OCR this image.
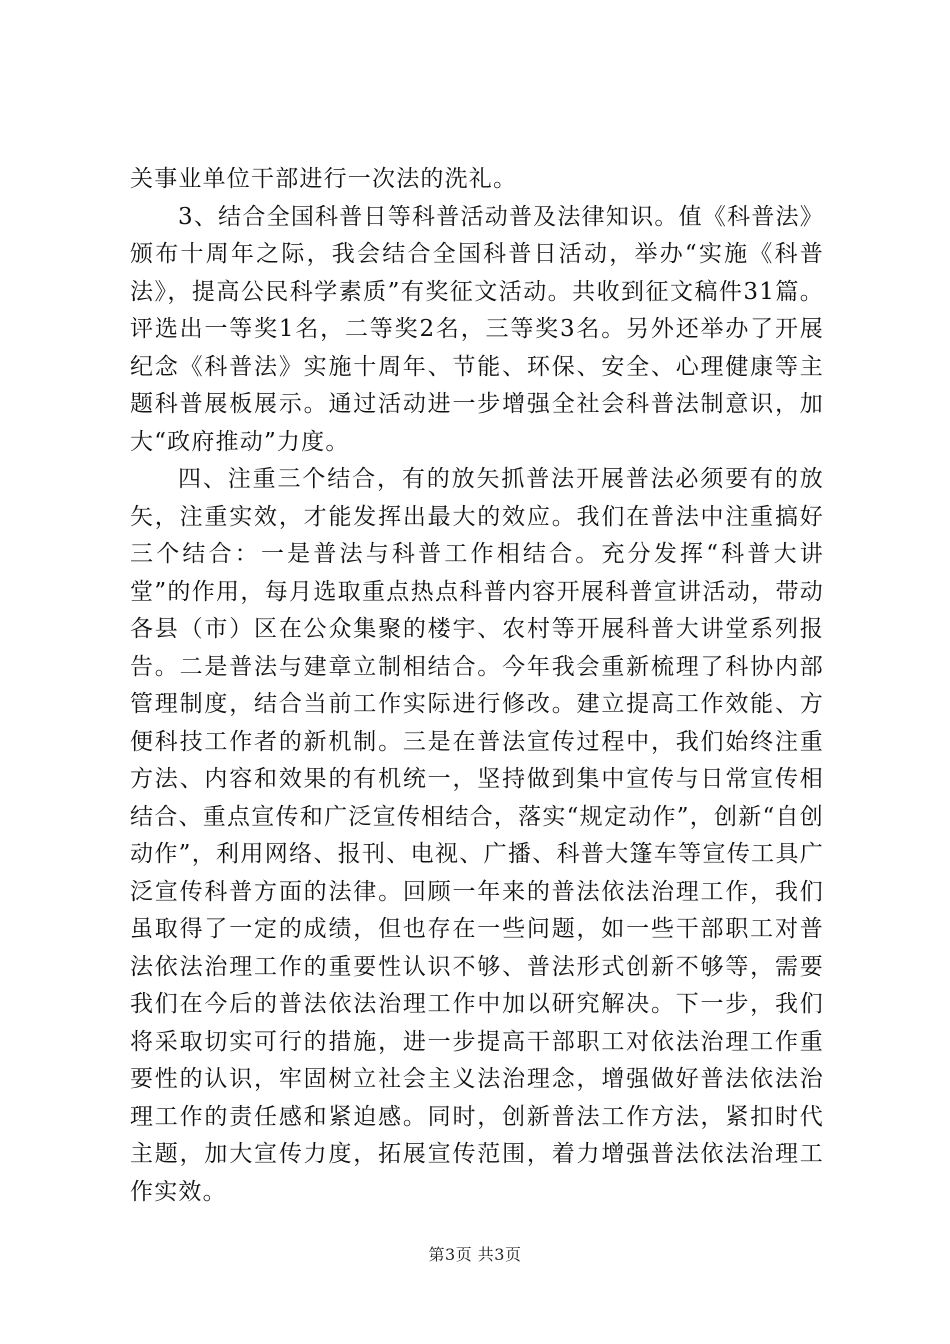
关事业单位干部进行一次法的洗礼。

3、结合全国科普日等科普活动普及法律知识。值《科普法》颁布十周年之际，我会结合全国科普日活动，举办“实施《科普法》，提高公民科学素质”有奖征文活动。共收到征文稿件31篇。评选出一等奖1名，二等奖2名，三等奖3名。另外还举办了开展纪念《科普法》实施十周年、节能、环保、安全、心理健康等主题科普展板展示。通过活动进一步增强全社会科普法制意识，加大“政府推动”力度。

四、注重三个结合，有的放矢抓普法开展普法必须要有的放矢，注重实效，才能发挥出最大的效应。我们在普法中注重搞好三个结合：一是普法与科普工作相结合。充分发挥“科普大讲堂”的作用，每月选取重点热点科普内容开展科普宣讲活动，带动各县（市）区在公众集聚的楼宇、农村等开展科普大讲堂系列报告。二是普法与建章立制相结合。今年我会重新梳理了科协内部管理制度，结合当前工作实际进行修改。建立提高工作效能、方便科技工作者的新机制。三是在普法宣传过程中，我们始终注重方法、内容和效果的有机统一，坚持做到集中宣传与日常宣传相结合、重点宣传和广泛宣传相结合，落实“规定动作”，创新“自创动作”，利用网络、报刊、电视、广播、科普大篷车等宣传工具广泛宣传科普方面的法律。回顾一年来的普法依法治理工作，我们虽取得了一定的成绩，但也存在一些问题，如一些干部职工对普法依法治理工作的重要性认识不够、普法形式创新不够等，需要我们在今后的普法依法治理工作中加以研究解决。下一步，我们将采取切实可行的措施，进一步提高干部职工对依法治理工作重要性的认识，牢固树立社会主义法治理念，增强做好普法依法治理工作的责任感和紧迫感。同时，创新普法工作方法，紧扣时代主题，加大宣传力度，拓展宣传范围，着力增强普法依法治理工作实效。

第3页 共3页
